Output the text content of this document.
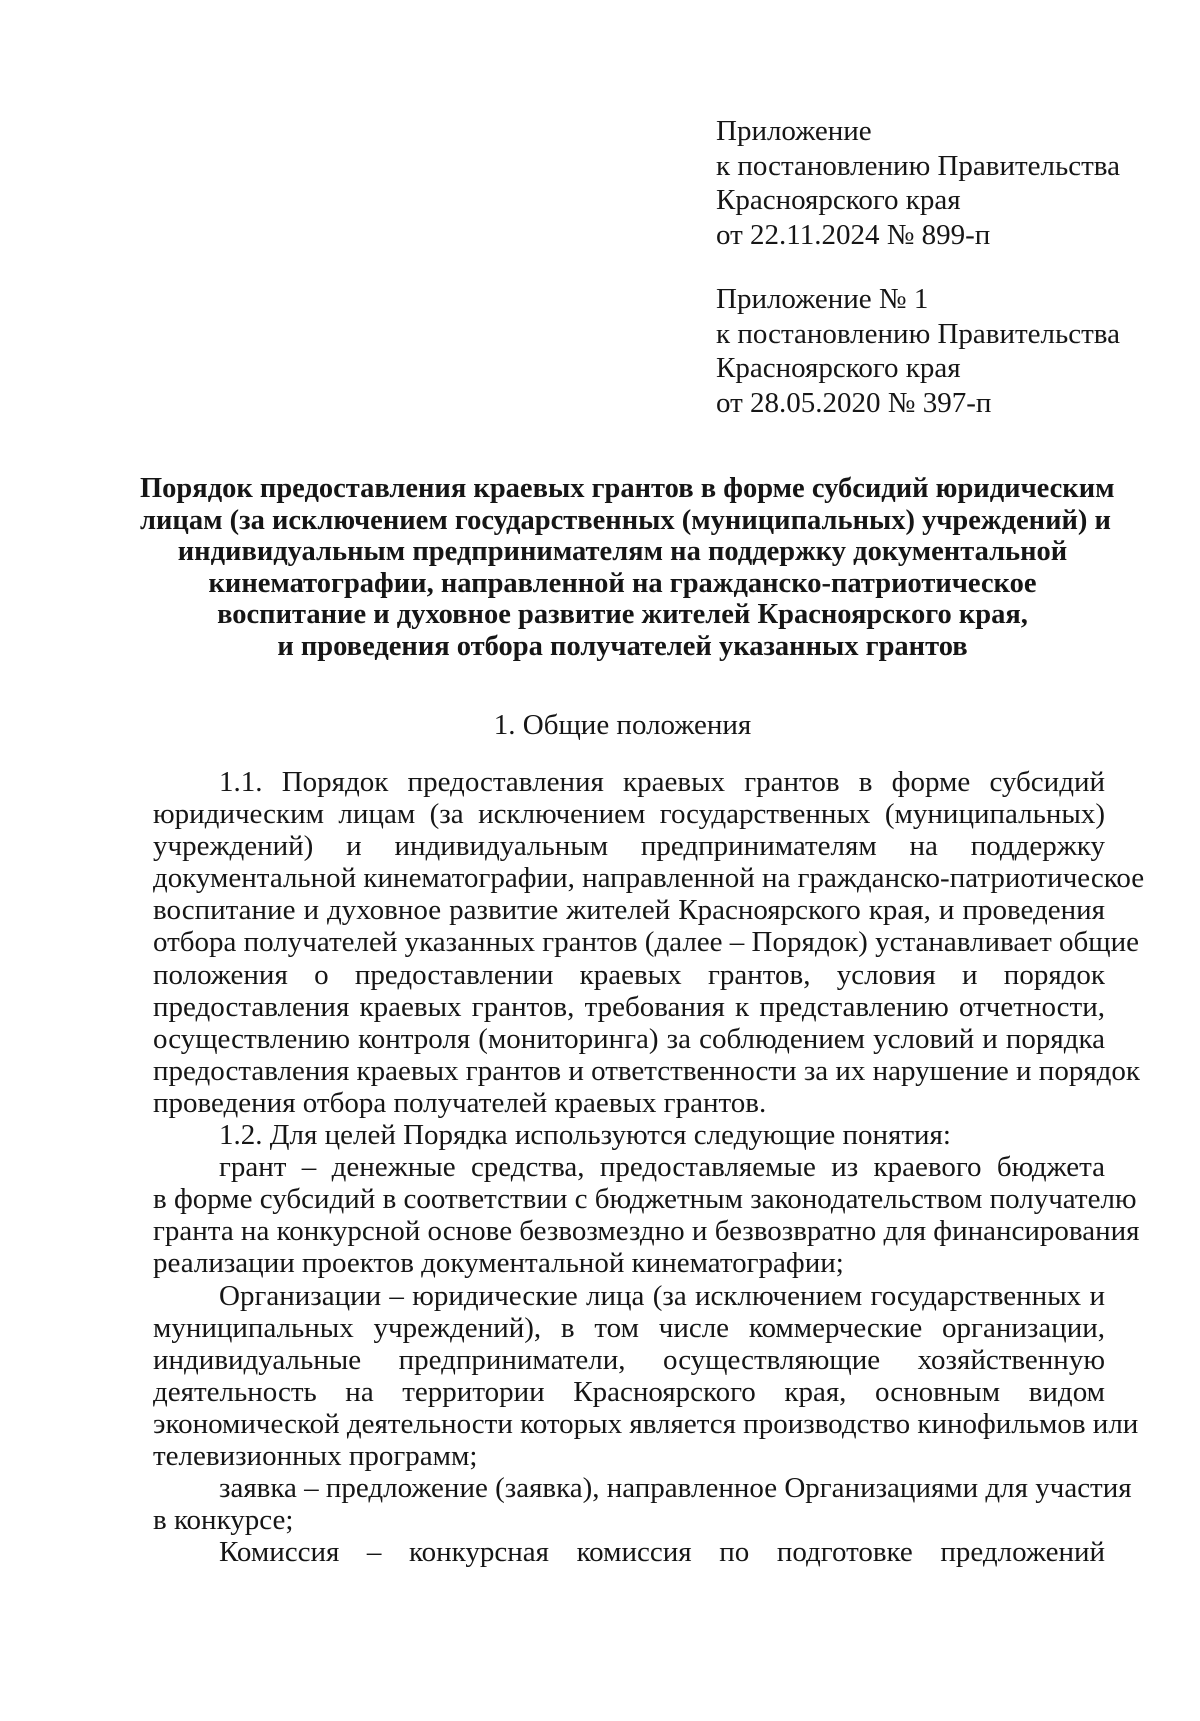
Приложение
к постановлению Правительства
Красноярского края
от 22.11.2024 № 899-п
Приложение № 1
к постановлению Правительства
Красноярского края
от 28.05.2020 № 397-п
Порядок предоставления краевых грантов в форме субсидий юридическим
лицам (за исключением государственных (муниципальных) учреждений) и
индивидуальным предпринимателям на поддержку документальной
кинематографии, направленной на гражданско-патриотическое
воспитание и духовное развитие жителей Красноярского края,
и проведения отбора получателей указанных грантов
1. Общие положения
1.1. Порядок предоставления краевых грантов в форме субсидий
юридическим лицам (за исключением государственных (муниципальных)
учреждений) и индивидуальным предпринимателям на поддержку
документальной кинематографии, направленной на гражданско-патриотическое
воспитание и духовное развитие жителей Красноярского края, и проведения
отбора получателей указанных грантов (далее – Порядок) устанавливает общие
положения о предоставлении краевых грантов, условия и порядок
предоставления краевых грантов, требования к представлению отчетности,
осуществлению контроля (мониторинга) за соблюдением условий и порядка
предоставления краевых грантов и ответственности за их нарушение и порядок
проведения отбора получателей краевых грантов.
1.2. Для целей Порядка используются следующие понятия:
грант – денежные средства, предоставляемые из краевого бюджета
в форме субсидий в соответствии с бюджетным законодательством получателю
гранта на конкурсной основе безвозмездно и безвозвратно для финансирования
реализации проектов документальной кинематографии;
Организации – юридические лица (за исключением государственных и
муниципальных учреждений), в том числе коммерческие организации,
индивидуальные предприниматели, осуществляющие хозяйственную
деятельность на территории Красноярского края, основным видом
экономической деятельности которых является производство кинофильмов или
телевизионных программ;
заявка – предложение (заявка), направленное Организациями для участия
в конкурсе;
Комиссия – конкурсная комиссия по подготовке предложений
